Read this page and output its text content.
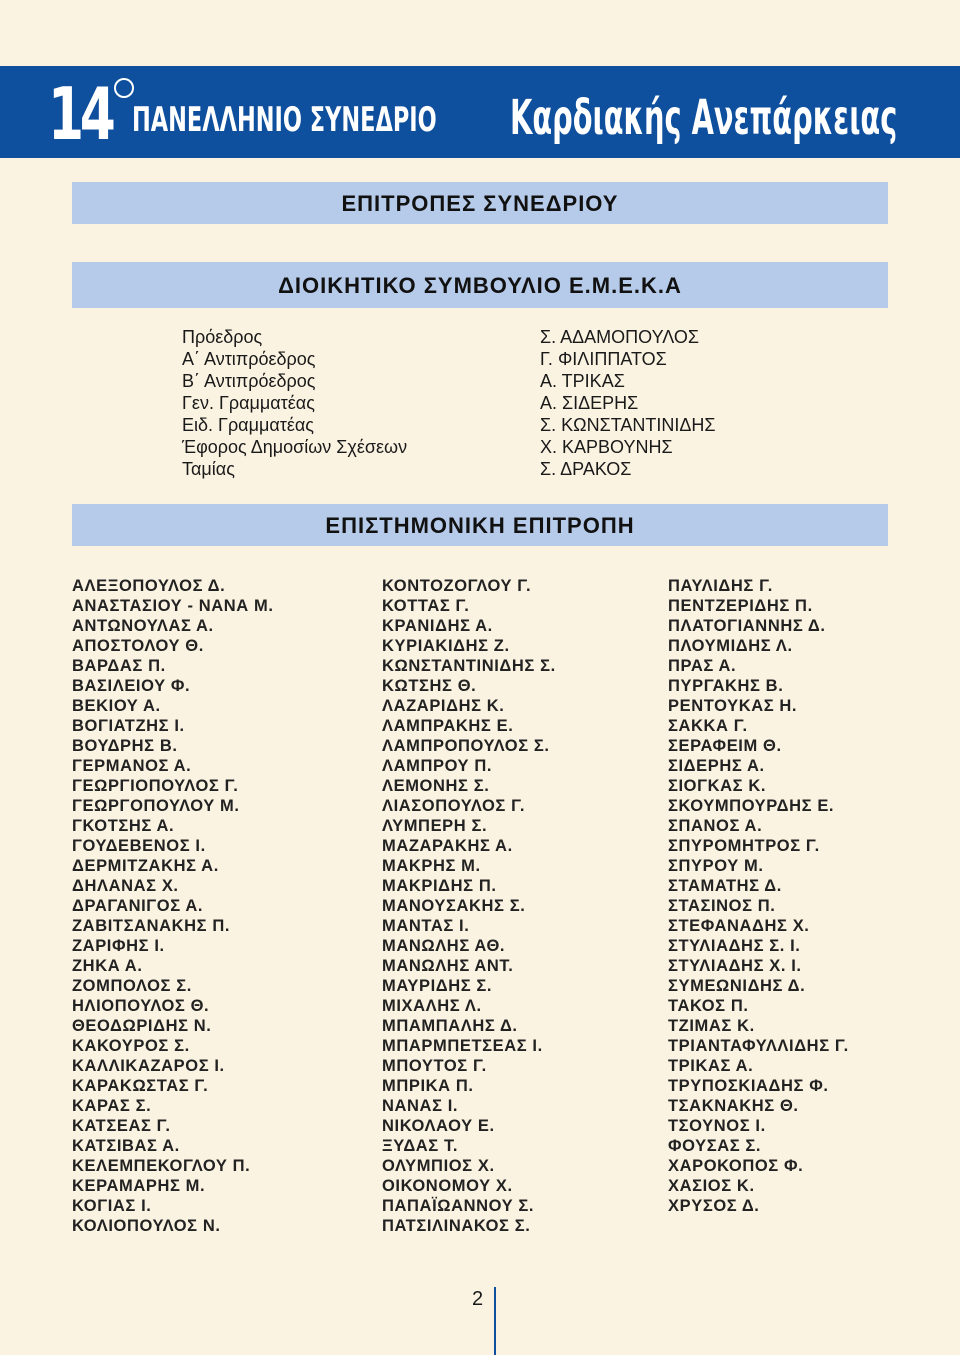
14 ΠΑΝΕΛΛΗΝΙΟ ΣΥΝΕΔΡΙΟ Καρδιακής Ανεπάρκειας
ΕΠΙΤΡΟΠΕΣ ΣΥΝΕΔΡΙΟΥ
ΔΙΟΙΚΗΤΙΚΟ ΣΥΜΒΟΥΛΙΟ Ε.Μ.Ε.Κ.Α
Πρόεδρος
Α΄ Αντιπρόεδρος
Β΄ Αντιπρόεδρος
Γεν. Γραμματέας
Ειδ. Γραμματέας
Έφορος Δημοσίων Σχέσεων
Ταμίας
Σ. ΑΔΑΜΟΠΟΥΛΟΣ
Γ. ΦΙΛΙΠΠΑΤΟΣ
Α. ΤΡΙΚΑΣ
Α. ΣΙΔΕΡΗΣ
Σ. ΚΩΝΣΤΑΝΤΙΝΙΔΗΣ
Χ. ΚΑΡΒΟΥΝΗΣ
Σ. ΔΡΑΚΟΣ
ΕΠΙΣΤΗΜΟΝΙΚΗ ΕΠΙΤΡΟΠΗ
ΑΛΕΞΟΠΟΥΛΟΣ Δ.
ΑΝΑΣΤΑΣΙΟΥ - ΝΑΝΑ Μ.
ΑΝΤΩΝΟΥΛΑΣ Α.
ΑΠΟΣΤΟΛΟΥ Θ.
ΒΑΡΔΑΣ Π.
ΒΑΣΙΛΕΙΟΥ Φ.
ΒΕΚΙΟΥ Α.
ΒΟΓΙΑΤΖΗΣ Ι.
ΒΟΥΔΡΗΣ Β.
ΓΕΡΜΑΝΟΣ Α.
ΓΕΩΡΓΙΟΠΟΥΛΟΣ Γ.
ΓΕΩΡΓΟΠΟΥΛΟΥ Μ.
ΓΚΟΤΣΗΣ Α.
ΓΟΥΔΕΒΕΝΟΣ Ι.
ΔΕΡΜΙΤΖΑΚΗΣ Α.
ΔΗΛΑΝΑΣ Χ.
ΔΡΑΓΑΝΙΓΟΣ Α.
ΖΑΒΙΤΣΑΝΑΚΗΣ Π.
ΖΑΡΙΦΗΣ Ι.
ΖΗΚΑ Α.
ΖΟΜΠΟΛΟΣ Σ.
ΗΛΙΟΠΟΥΛΟΣ Θ.
ΘΕΟΔΩΡΙΔΗΣ Ν.
ΚΑΚΟΥΡΟΣ Σ.
ΚΑΛΛΙΚΑΖΑΡΟΣ Ι.
ΚΑΡΑΚΩΣΤΑΣ Γ.
ΚΑΡΑΣ Σ.
ΚΑΤΣΕΑΣ Γ.
ΚΑΤΣΙΒΑΣ Α.
ΚΕΛΕΜΠΕΚΟΓΛΟΥ Π.
ΚΕΡΑΜΑΡΗΣ Μ.
ΚΟΓΙΑΣ Ι.
ΚΟΛΙΟΠΟΥΛΟΣ Ν.
ΚΟΝΤΟΖΟΓΛΟΥ Γ.
ΚΟΤΤΑΣ Γ.
ΚΡΑΝΙΔΗΣ Α.
ΚΥΡΙΑΚΙΔΗΣ Ζ.
ΚΩΝΣΤΑΝΤΙΝΙΔΗΣ Σ.
ΚΩΤΣΗΣ Θ.
ΛΑΖΑΡΙΔΗΣ Κ.
ΛΑΜΠΡΑΚΗΣ Ε.
ΛΑΜΠΡΟΠΟΥΛΟΣ Σ.
ΛΑΜΠΡΟΥ Π.
ΛΕΜΟΝΗΣ Σ.
ΛΙΑΣΟΠΟΥΛΟΣ Γ.
ΛΥΜΠΕΡΗ Σ.
ΜΑΖΑΡΑΚΗΣ Α.
ΜΑΚΡΗΣ Μ.
ΜΑΚΡΙΔΗΣ Π.
ΜΑΝΟΥΣΑΚΗΣ Σ.
ΜΑΝΤΑΣ Ι.
ΜΑΝΩΛΗΣ ΑΘ.
ΜΑΝΩΛΗΣ ΑΝΤ.
ΜΑΥΡΙΔΗΣ Σ.
ΜΙΧΑΛΗΣ Λ.
ΜΠΑΜΠΑΛΗΣ Δ.
ΜΠΑΡΜΠΕΤΣΕΑΣ Ι.
ΜΠΟΥΤΟΣ Γ.
ΜΠΡΙΚΑ Π.
ΝΑΝΑΣ Ι.
ΝΙΚΟΛΑΟΥ Ε.
ΞΥΔΑΣ Τ.
ΟΛΥΜΠΙΟΣ Χ.
ΟΙΚΟΝΟΜΟΥ Χ.
ΠΑΠΑΪΩΑΝΝΟΥ Σ.
ΠΑΤΣΙΛΙΝΑΚΟΣ Σ.
ΠΑΥΛΙΔΗΣ Γ.
ΠΕΝΤΖΕΡΙΔΗΣ Π.
ΠΛΑΤΟΓΙΑΝΝΗΣ Δ.
ΠΛΟΥΜΙΔΗΣ Λ.
ΠΡΑΣ Α.
ΠΥΡΓΑΚΗΣ Β.
ΡΕΝΤΟΥΚΑΣ Η.
ΣΑΚΚΑ Γ.
ΣΕΡΑΦΕΙΜ Θ.
ΣΙΔΕΡΗΣ Α.
ΣΙΟΓΚΑΣ Κ.
ΣΚΟΥΜΠΟΥΡΔΗΣ Ε.
ΣΠΑΝΟΣ Α.
ΣΠΥΡΟΜΗΤΡΟΣ Γ.
ΣΠΥΡΟΥ Μ.
ΣΤΑΜΑΤΗΣ Δ.
ΣΤΑΣΙΝΟΣ Π.
ΣΤΕΦΑΝΑΔΗΣ Χ.
ΣΤΥΛΙΑΔΗΣ Σ. Ι.
ΣΤΥΛΙΑΔΗΣ Χ. Ι.
ΣΥΜΕΩΝΙΔΗΣ Δ.
ΤΑΚΟΣ Π.
ΤΖΙΜΑΣ Κ.
ΤΡΙΑΝΤΑΦΥΛΛΙΔΗΣ Γ.
ΤΡΙΚΑΣ Α.
ΤΡΥΠΟΣΚΙΑΔΗΣ Φ.
ΤΣΑΚΝΑΚΗΣ Θ.
ΤΣΟΥΝΟΣ Ι.
ΦΟΥΣΑΣ Σ.
ΧΑΡΟΚΟΠΟΣ Φ.
ΧΑΣΙΟΣ Κ.
ΧΡΥΣΟΣ Δ.
2
